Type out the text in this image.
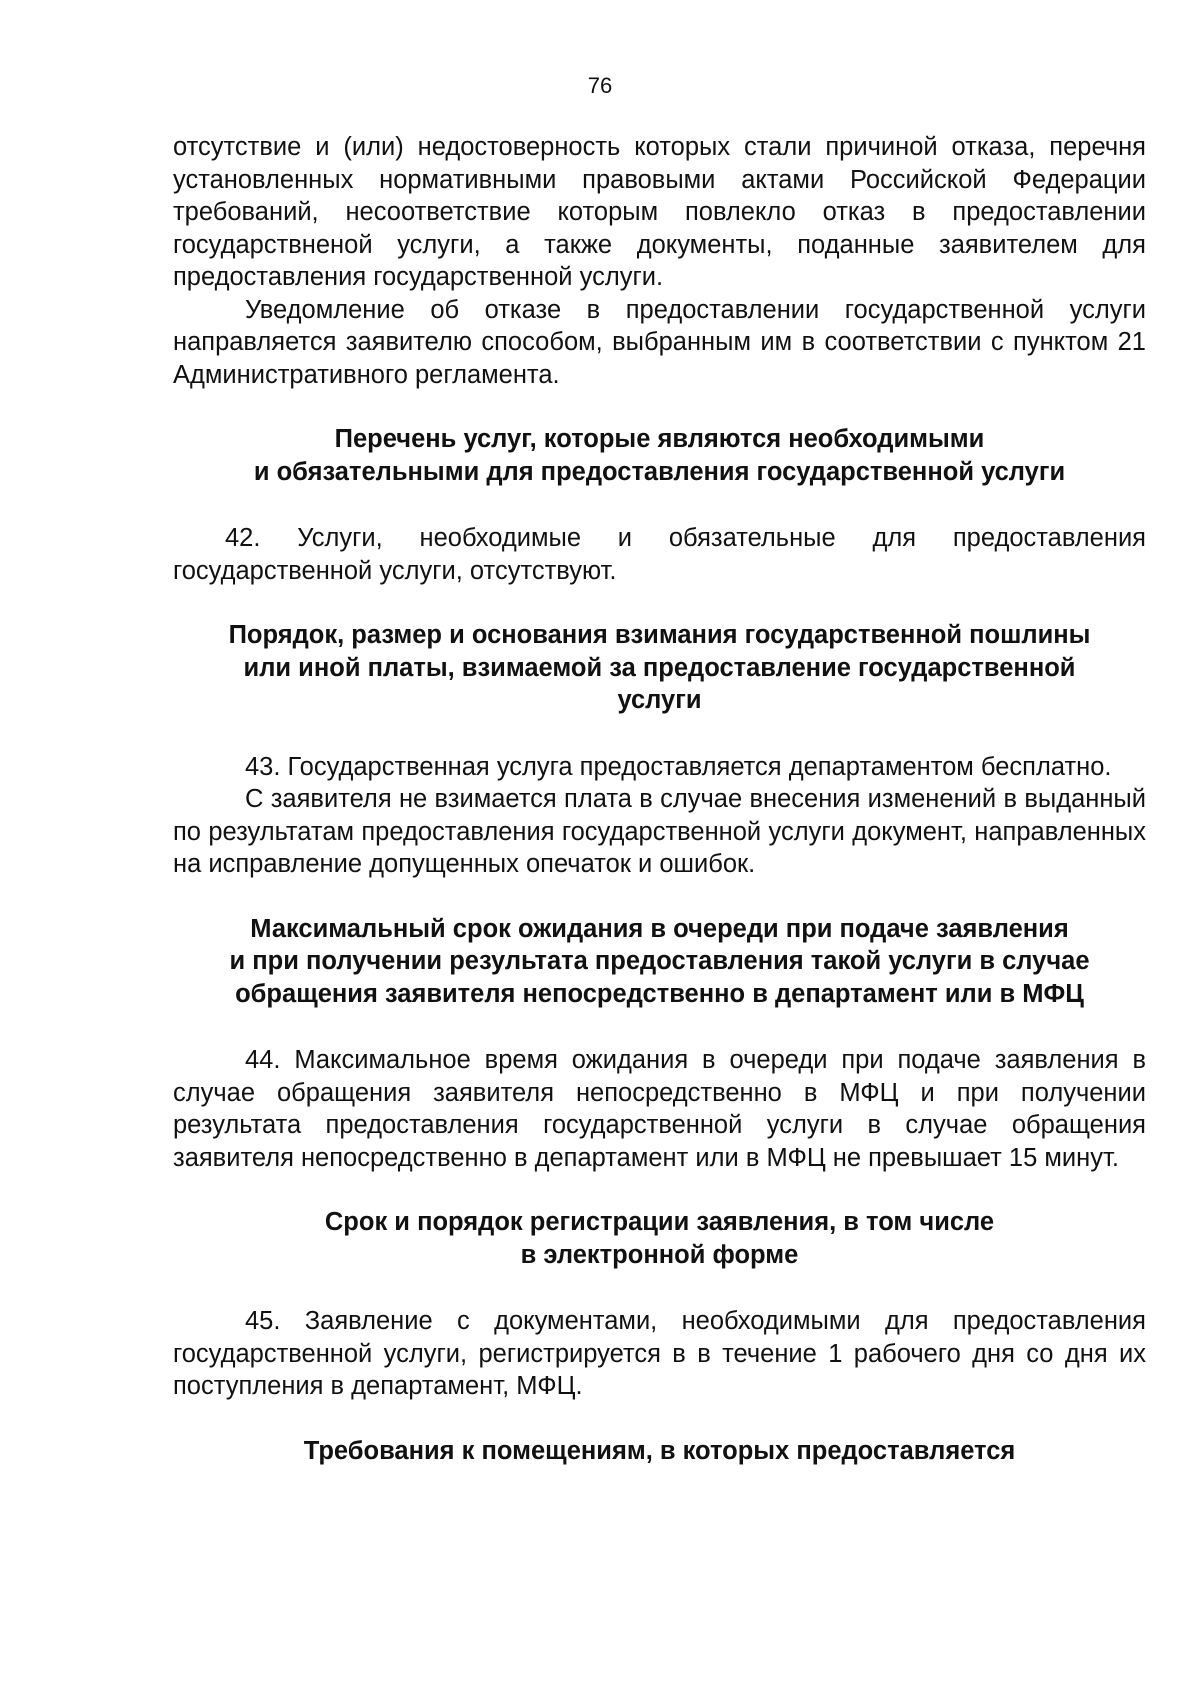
76

отсутствие и (или) недостоверность которых стали причиной отказа, перечня установленных нормативными правовыми актами Российской Федерации требований, несоответствие которым повлекло отказ в предоставлении государствненой услуги, а также документы, поданные заявителем для предоставления государственной услуги.

Уведомление об отказе в предоставлении государственной услуги направляется заявителю способом, выбранным им в соответствии с пунктом 21 Административного регламента.

Перечень услуг, которые являются необходимыми
и обязательными для предоставления государственной услуги

42. Услуги, необходимые и обязательные для предоставления государственной услуги, отсутствуют.

Порядок, размер и основания взимания государственной пошлины
или иной платы, взимаемой за предоставление государственной
услуги

43. Государственная услуга предоставляется департаментом бесплатно.

С заявителя не взимается плата в случае внесения изменений в выданный по результатам предоставления государственной услуги документ, направленных на исправление допущенных опечаток и ошибок.

Максимальный срок ожидания в очереди при подаче заявления
и при получении результата предоставления такой услуги в случае
обращения заявителя непосредственно в департамент или в МФЦ

44. Максимальное время ожидания в очереди при подаче заявления в случае обращения заявителя непосредственно в МФЦ и при получении результата предоставления государственной услуги в случае обращения заявителя непосредственно в департамент или в МФЦ не превышает 15 минут.

Срок и порядок регистрации заявления, в том числе
в электронной форме

45. Заявление с документами, необходимыми для предоставления государственной услуги, регистрируется в в течение 1 рабочего дня со дня их поступления в департамент, МФЦ.

Требования к помещениям, в которых предоставляется
